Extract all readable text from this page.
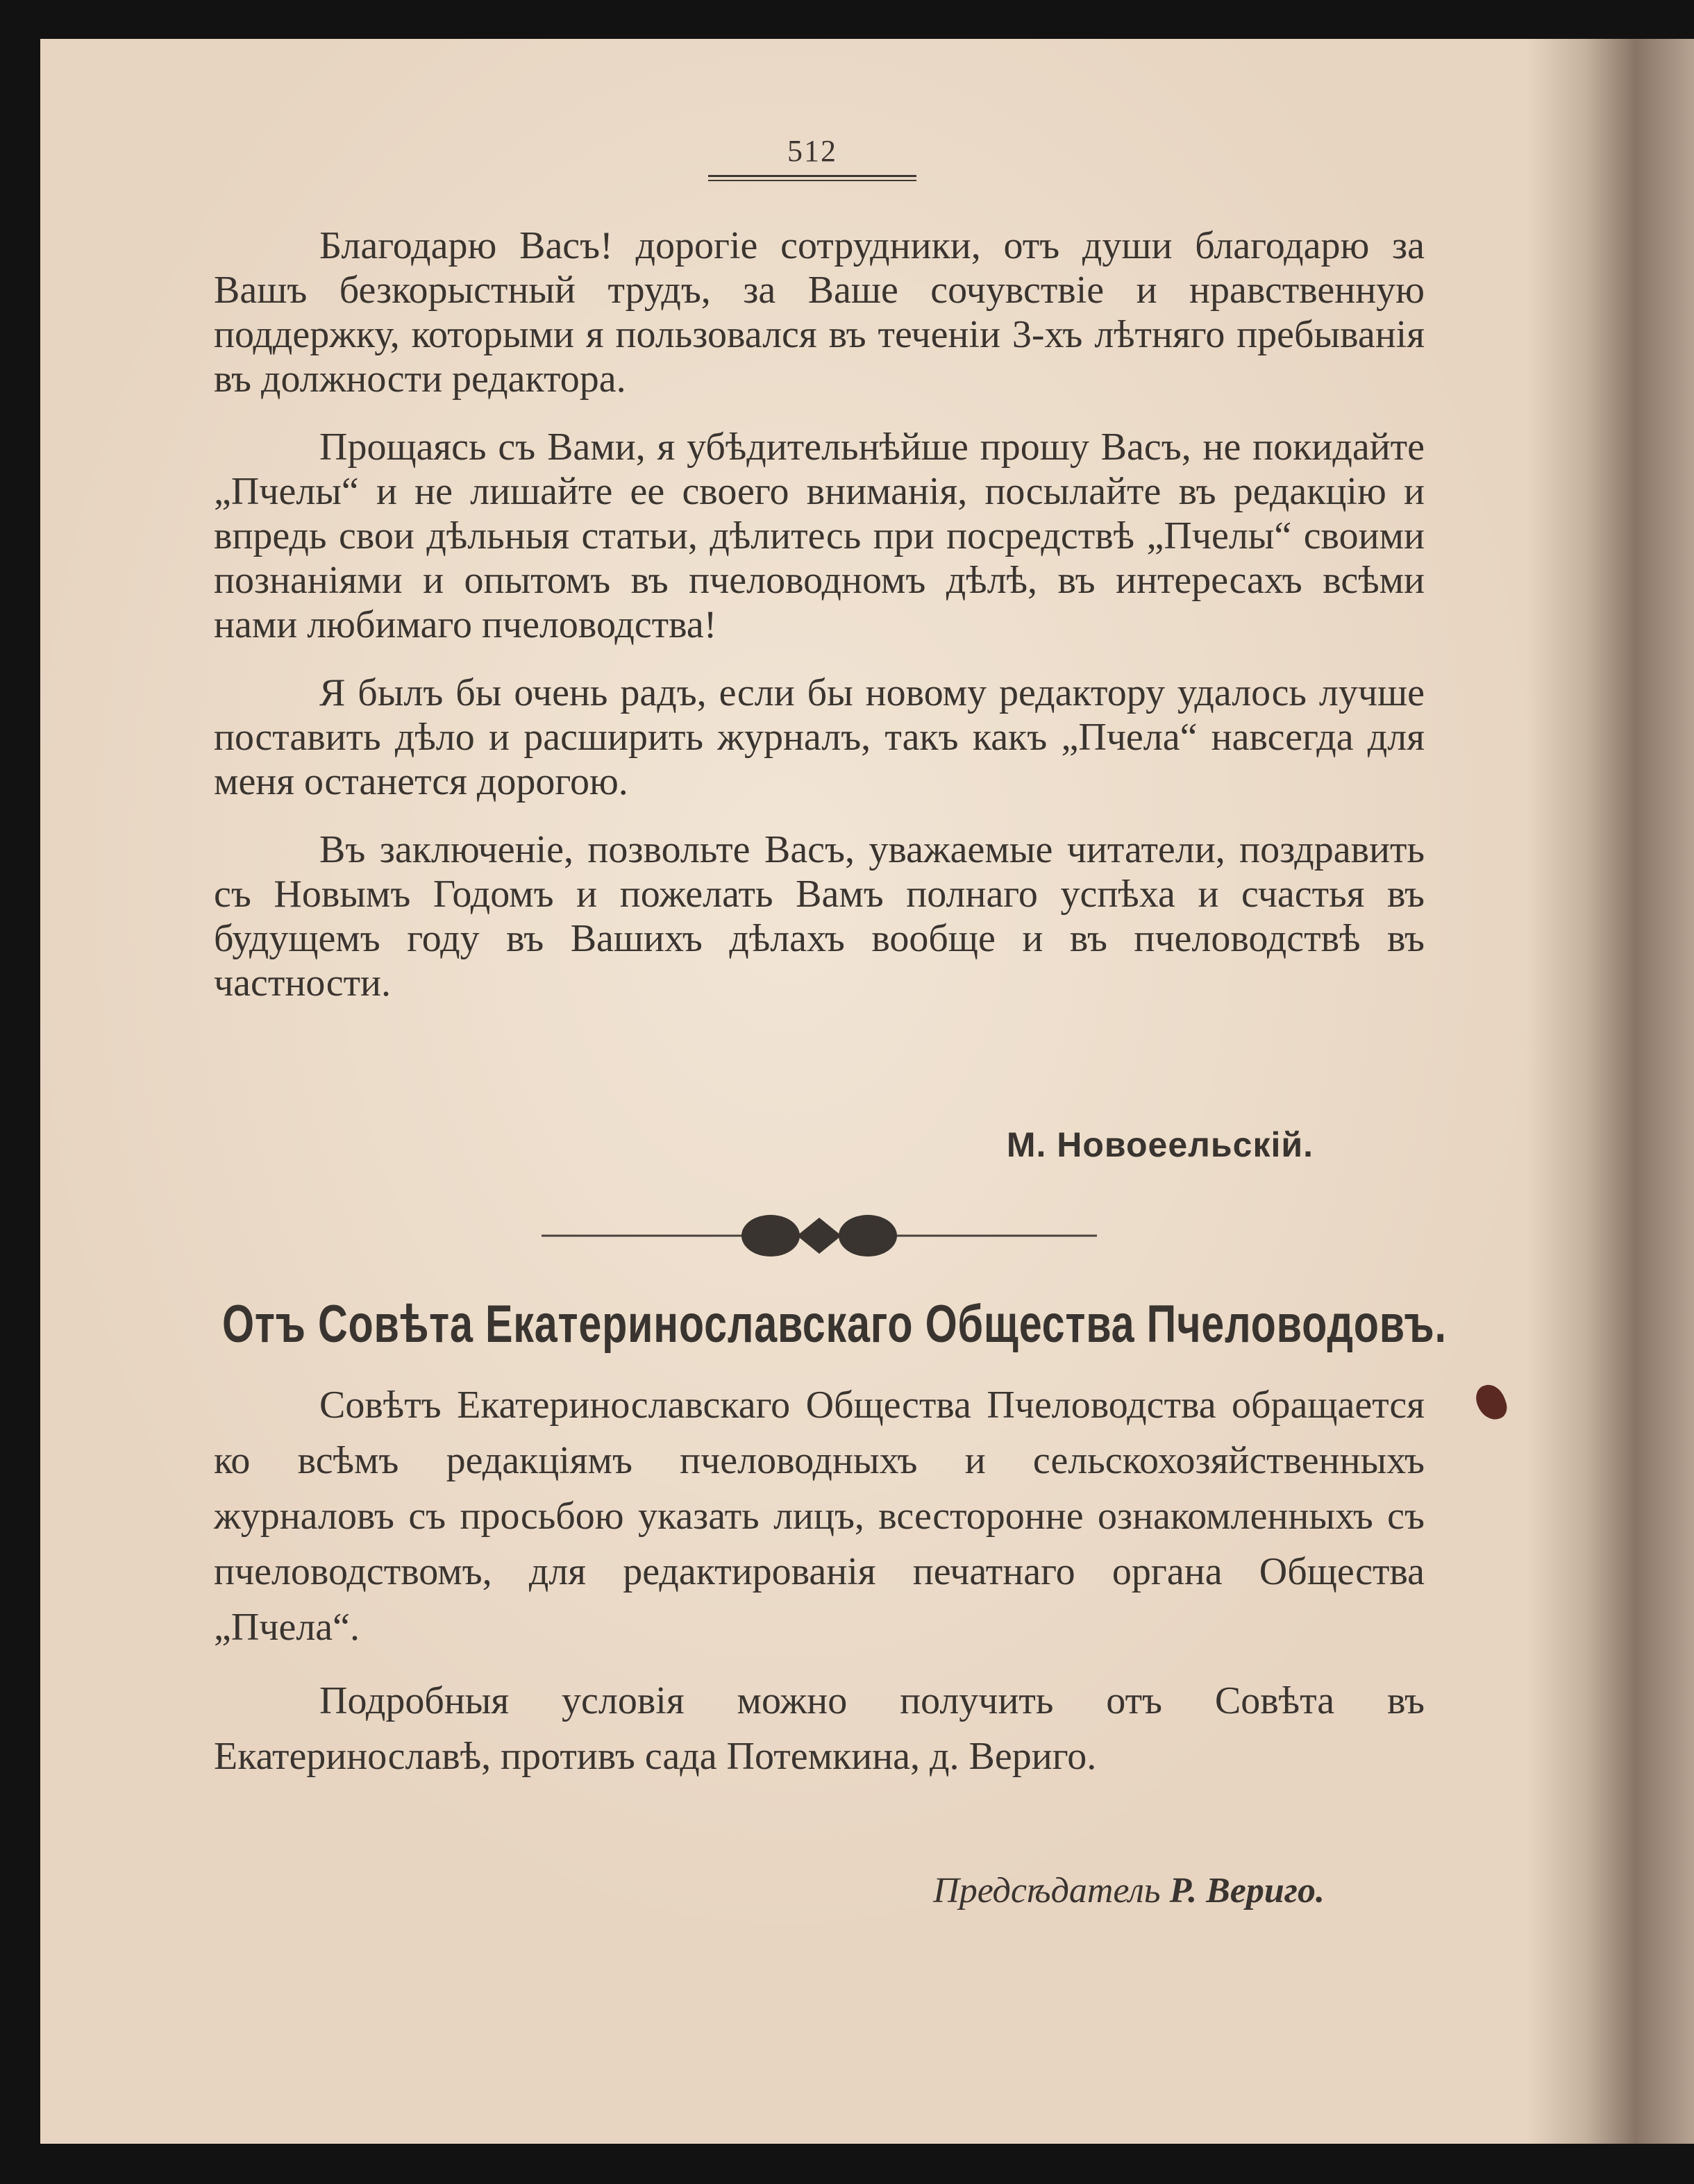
512

Благодарю Васъ! дорогіе сотрудники, отъ души благодарю за Вашъ безкорыстный трудъ, за Ваше сочувствіе и нравственную поддержку, которыми я пользовался въ теченіи 3-хъ лѣтняго пребыванія въ должности редактора.

Прощаясь съ Вами, я убѣдительнѣйше прошу Васъ, не покидайте „Пчелы“ и не лишайте ее своего вниманія, посылайте въ редакцію и впредь свои дѣльныя статьи, дѣлитесь при посредствѣ „Пчелы“ своими познаніями и опытомъ въ пчеловодномъ дѣлѣ, въ интересахъ всѣми нами любимаго пчеловодства!

Я былъ бы очень радъ, если бы новому редактору удалось лучше поставить дѣло и расширить журналъ, такъ какъ „Пчела“ навсегда для меня останется дорогою.

Въ заключеніе, позвольте Васъ, уважаемые читатели, поздравить съ Новымъ Годомъ и пожелать Вамъ полнаго успѣха и счастья въ будущемъ году въ Вашихъ дѣлахъ вообще и въ пчеловодствѣ въ частности.

М. Новоеельскій.
Отъ Совѣта Екатеринославскаго Общества Пчеловодовъ.

Совѣтъ Екатеринославскаго Общества Пчеловодства обращается ко всѣмъ редакціямъ пчеловодныхъ и сельскохозяйственныхъ журналовъ съ просьбою указать лицъ, всесторонне ознакомленныхъ съ пчеловодствомъ, для редактированія печатнаго органа Общества „Пчела“.

Подробныя условія можно получить отъ Совѣта въ Екатеринославѣ, противъ сада Потемкина, д. Вериго.

Предсѣдатель Р. Вериго.
